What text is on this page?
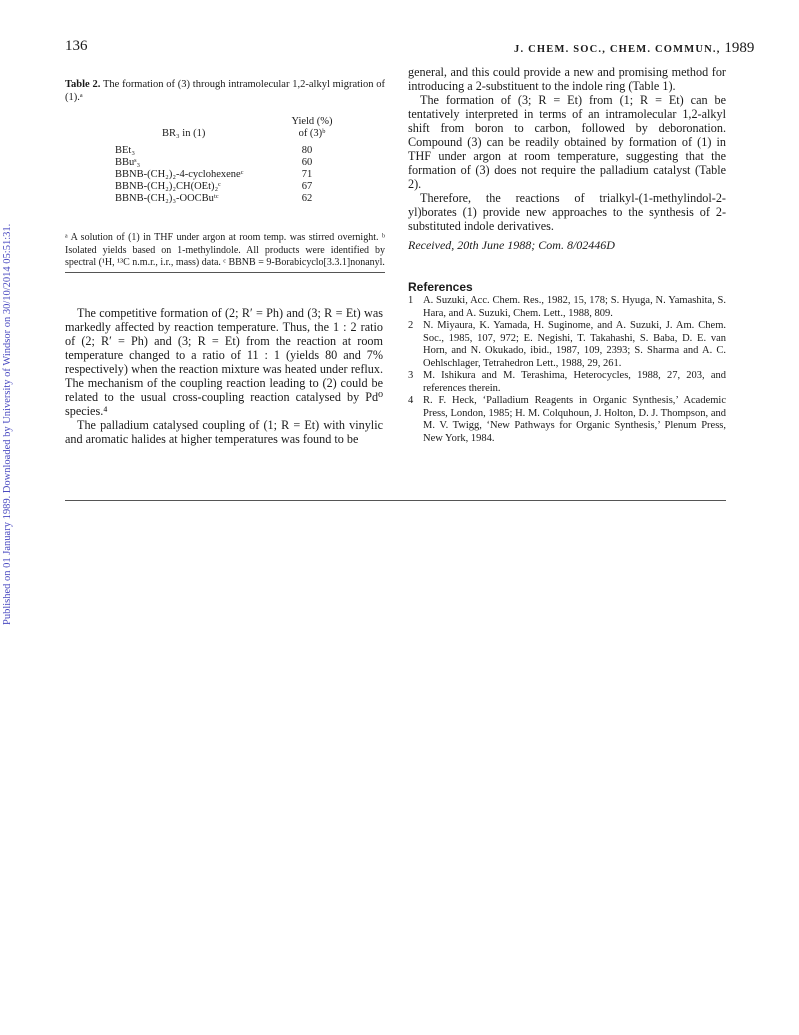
136	J. CHEM. SOC., CHEM. COMMUN., 1989
Published on 01 January 1989. Downloaded by University of Windsor on 30/10/2014 05:51:31.
Table 2. The formation of (3) through intramolecular 1,2-alkyl migration of (1).ᵃ
BR₃ in (1)
Yield (%)
of (3)ᵇ
BEt₃	80
BBuˢ₃	60
BBNB-(CH₂)₂-4-cyclohexeneᶜ	71
BBNB-(CH₂)₂CH(OEt)₂ᶜ	67
BBNB-(CH₂)₃-OOCBuᵗᶜ	62
ᵃ A solution of (1) in THF under argon at room temp. was stirred overnight. ᵇ Isolated yields based on 1-methylindole. All products were identified by spectral (¹H, ¹³C n.m.r., i.r., mass) data. ᶜ BBNB = 9-Borabicyclo[3.3.1]nonanyl.

The competitive formation of (2; R′ = Ph) and (3; R = Et) was markedly affected by reaction temperature. Thus, the 1 : 2 ratio of (2; R′ = Ph) and (3; R = Et) from the reaction at room temperature changed to a ratio of 11 : 1 (yields 80 and 7% respectively) when the reaction mixture was heated under reflux. The mechanism of the coupling reaction leading to (2) could be related to the usual cross-coupling reaction catalysed by Pd⁰ species.⁴

The palladium catalysed coupling of (1; R = Et) with vinylic and aromatic halides at higher temperatures was found to be

general, and this could provide a new and promising method for introducing a 2-substituent to the indole ring (Table 1).

The formation of (3; R = Et) from (1; R = Et) can be tentatively interpreted in terms of an intramolecular 1,2-alkyl shift from boron to carbon, followed by deboronation. Compound (3) can be readily obtained by formation of (1) in THF under argon at room temperature, suggesting that the formation of (3) does not require the palladium catalyst (Table 2).

Therefore, the reactions of trialkyl-(1-methylindol-2-yl)borates (1) provide new approaches to the synthesis of 2-substituted indole derivatives.

Received, 20th June 1988; Com. 8/02446D
References
1 A. Suzuki, Acc. Chem. Res., 1982, 15, 178; S. Hyuga, N. Yamashita, S. Hara, and A. Suzuki, Chem. Lett., 1988, 809.
2 N. Miyaura, K. Yamada, H. Suginome, and A. Suzuki, J. Am. Chem. Soc., 1985, 107, 972; E. Negishi, T. Takahashi, S. Baba, D. E. van Horn, and N. Okukado, ibid., 1987, 109, 2393; S. Sharma and A. C. Oehlschlager, Tetrahedron Lett., 1988, 29, 261.
3 M. Ishikura and M. Terashima, Heterocycles, 1988, 27, 203, and references therein.
4 R. F. Heck, ‘Palladium Reagents in Organic Synthesis,’ Academic Press, London, 1985; H. M. Colquhoun, J. Holton, D. J. Thompson, and M. V. Twigg, ‘New Pathways for Organic Synthesis,’ Plenum Press, New York, 1984.
